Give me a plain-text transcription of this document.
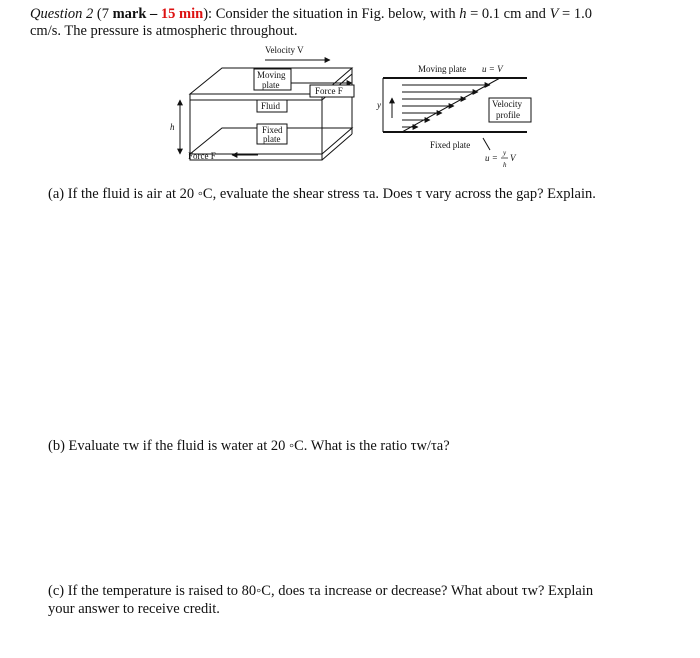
Question 2 (7 mark – 15 min): Consider the situation in Fig. below, with h = 0.1 cm and V = 1.0
cm/s. The pressure is atmospheric throughout.
Velocity V
Moving
plate
Force F
Fluid
Fixed
plate
h
Force F
Moving plate u = V
y	Velocity
profile
Fixed plate
u = y
h
V
(a) If the fluid is air at 20 ◦C, evaluate the shear stress τa. Does τ vary across the gap? Explain.
(b) Evaluate τw if the fluid is water at 20 ◦C. What is the ratio τw/τa?
(c) If the temperature is raised to 80◦C, does τa increase or decrease? What about τw? Explain
your answer to receive credit.
